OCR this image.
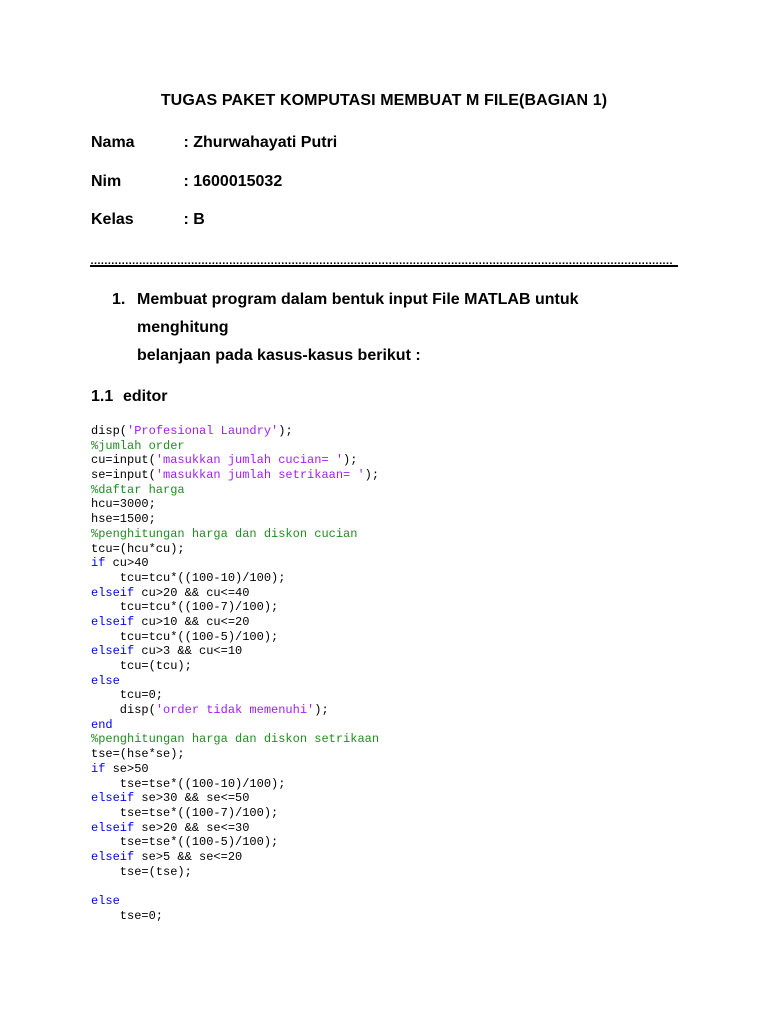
TUGAS PAKET KOMPUTASI MEMBUAT M FILE(BAGIAN 1)
Nama	: Zhurwahayati Putri
Nim	: 1600015032
Kelas	: B
……………………………………………………………………………………………………………………………………………………
1. Membuat program dalam bentuk input File MATLAB untuk menghitung
belanjaan pada kasus-kasus berikut :
1.1 editor
disp('Profesional Laundry');
%jumlah order
cu=input('masukkan jumlah cucian= ');
se=input('masukkan jumlah setrikaan= ');
%daftar harga
hcu=3000;
hse=1500;
%penghitungan harga dan diskon cucian
tcu=(hcu*cu);
if cu>40
tcu=tcu*((100-10)/100);
elseif cu>20 && cu<=40
tcu=tcu*((100-7)/100);
elseif cu>10 && cu<=20
tcu=tcu*((100-5)/100);
elseif cu>3 && cu<=10
tcu=(tcu);
else
tcu=0;
disp('order tidak memenuhi');
end
%penghitungan harga dan diskon setrikaan
tse=(hse*se);
if se>50
tse=tse*((100-10)/100);
elseif se>30 && se<=50
tse=tse*((100-7)/100);
elseif se>20 && se<=30
tse=tse*((100-5)/100);
elseif se>5 && se<=20
tse=(tse);
else
tse=0;
